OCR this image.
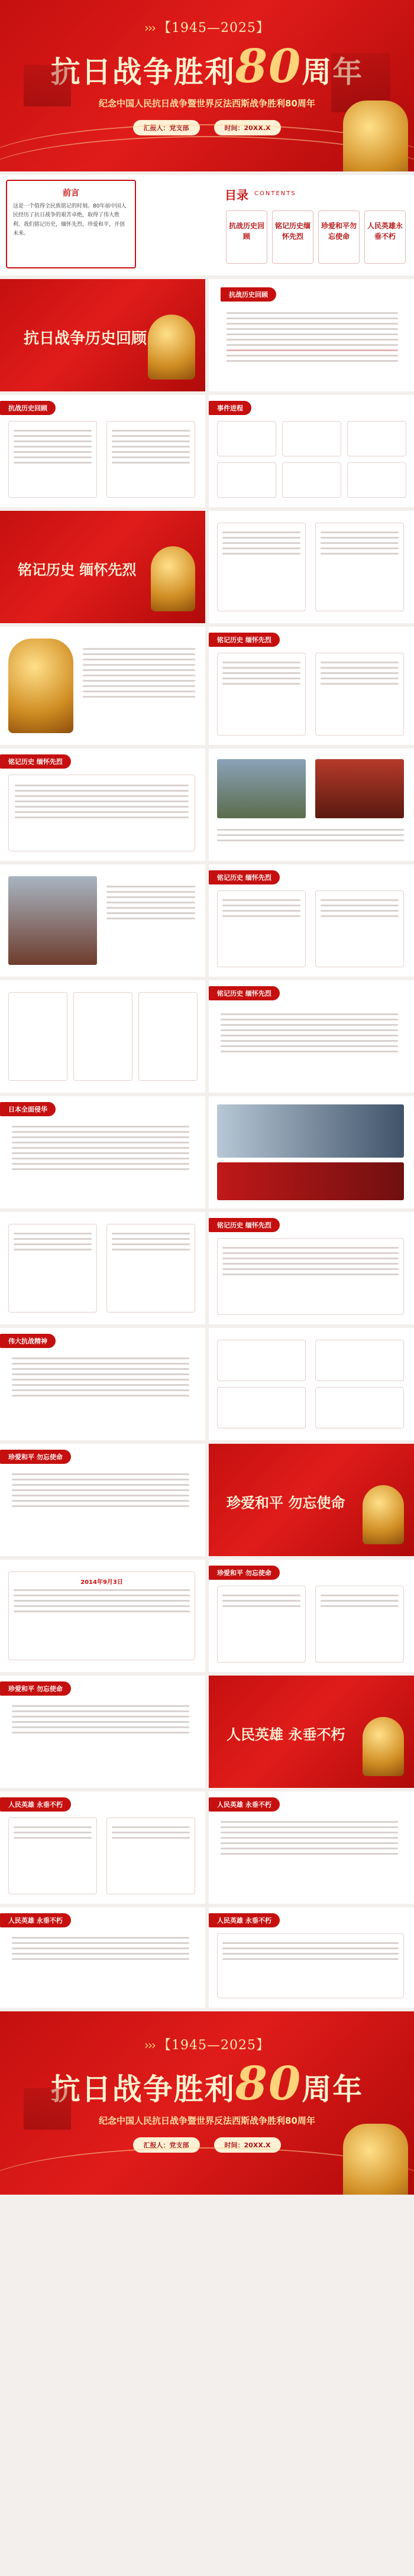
››› 【1945—2025】
抗日战争胜利80周年
纪念中国人民抗日战争暨世界反法西斯战争胜利80周年
汇报人：党支部	时间：20XX.X
前言
这是一个值得全民族铭记的时刻。80年前中国人民经历了抗日战争的艰苦卓绝，取得了伟大胜利。我们铭记历史，缅怀先烈，珍爱和平，开创未来。
目录 CONTENTS
抗战历史回顾
铭记历史缅怀先烈
珍爱和平勿忘使命
人民英雄永垂不朽
抗日战争历史回顾
抗战历史回顾
抗战历史回顾	事件进程
铭记历史 缅怀先烈
铭记历史 缅怀先烈
铭记历史 缅怀先烈
铭记历史 缅怀先烈
铭记历史 缅怀先烈
日本全面侵华
铭记历史 缅怀先烈
伟大抗战精神
珍爱和平 勿忘使命
珍爱和平 勿忘使命
2014年9月3日
珍爱和平 勿忘使命
珍爱和平 勿忘使命
人民英雄 永垂不朽
人民英雄 永垂不朽	人民英雄 永垂不朽
人民英雄 永垂不朽	人民英雄 永垂不朽
››› 【1945—2025】
抗日战争胜利80周年
纪念中国人民抗日战争暨世界反法西斯战争胜利80周年
汇报人：党支部	时间：20XX.X
